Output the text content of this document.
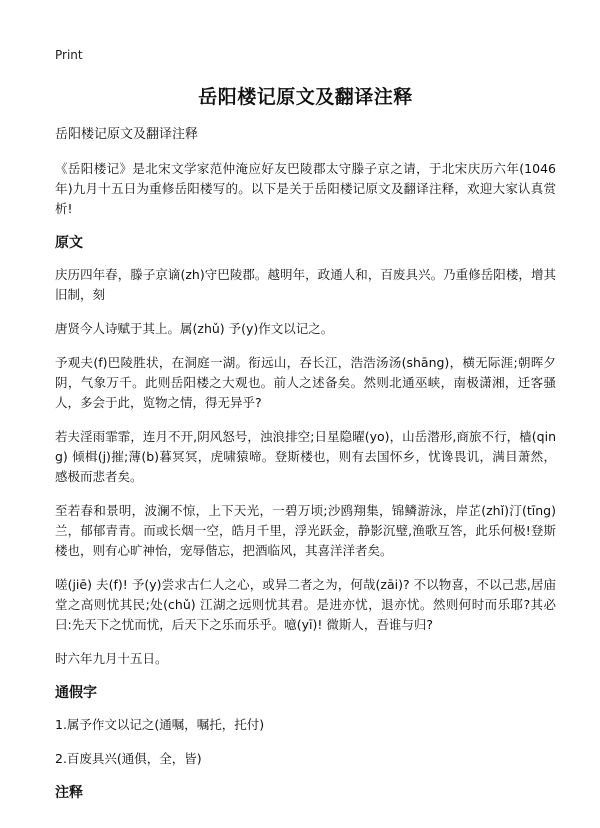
Print
岳阳楼记原文及翻译注释
岳阳楼记原文及翻译注释

《岳阳楼记》是北宋文学家范仲淹应好友巴陵郡太守滕子京之请，于北宋庆历六年(1046年)九月十五日为重修岳阳楼写的。以下是关于岳阳楼记原文及翻译注释，欢迎大家认真赏析!

原文

庆历四年春，滕子京谪(zh)守巴陵郡。越明年，政通人和，百废具兴。乃重修岳阳楼，增其旧制，刻

唐贤今人诗赋于其上。属(zhǔ) 予(y)作文以记之。

予观夫(f)巴陵胜状，在洞庭一湖。衔远山，吞长江，浩浩汤汤(shāng)，横无际涯;朝晖夕阴，气象万千。此则岳阳楼之大观也。前人之述备矣。然则北通巫峡，南极潇湘，迁客骚人，多会于此，览物之情，得无异乎?

若夫淫雨霏霏，连月不开,阴风怒号，浊浪排空;日星隐曜(yo)，山岳潜形,商旅不行，樯(qing) 倾楫(j)摧;薄(b)暮冥冥，虎啸猿啼。登斯楼也，则有去国怀乡，忧谗畏讥，满目萧然，感极而悲者矣。

至若春和景明，波澜不惊，上下天光，一碧万顷;沙鸥翔集，锦鳞游泳，岸芷(zhǐ)汀(tīng) 兰，郁郁青青。而或长烟一空，皓月千里，浮光跃金，静影沉璧,渔歌互答，此乐何极!登斯楼也，则有心旷神怡，宠辱偕忘，把酒临风，其喜洋洋者矣。

嗟(jiē) 夫(f)! 予(y)尝求古仁人之心，或异二者之为，何哉(zāi)? 不以物喜，不以己悲,居庙堂之高则忧其民;处(chǔ) 江湖之远则忧其君。是进亦忧，退亦忧。然则何时而乐耶?其必曰:先天下之忧而忧，后天下之乐而乐乎。噫(yī)! 微斯人，吾谁与归?

时六年九月十五日。

通假字

1.属予作文以记之(通嘱，嘱托，托付)

2.百废具兴(通俱，全，皆)

注释
